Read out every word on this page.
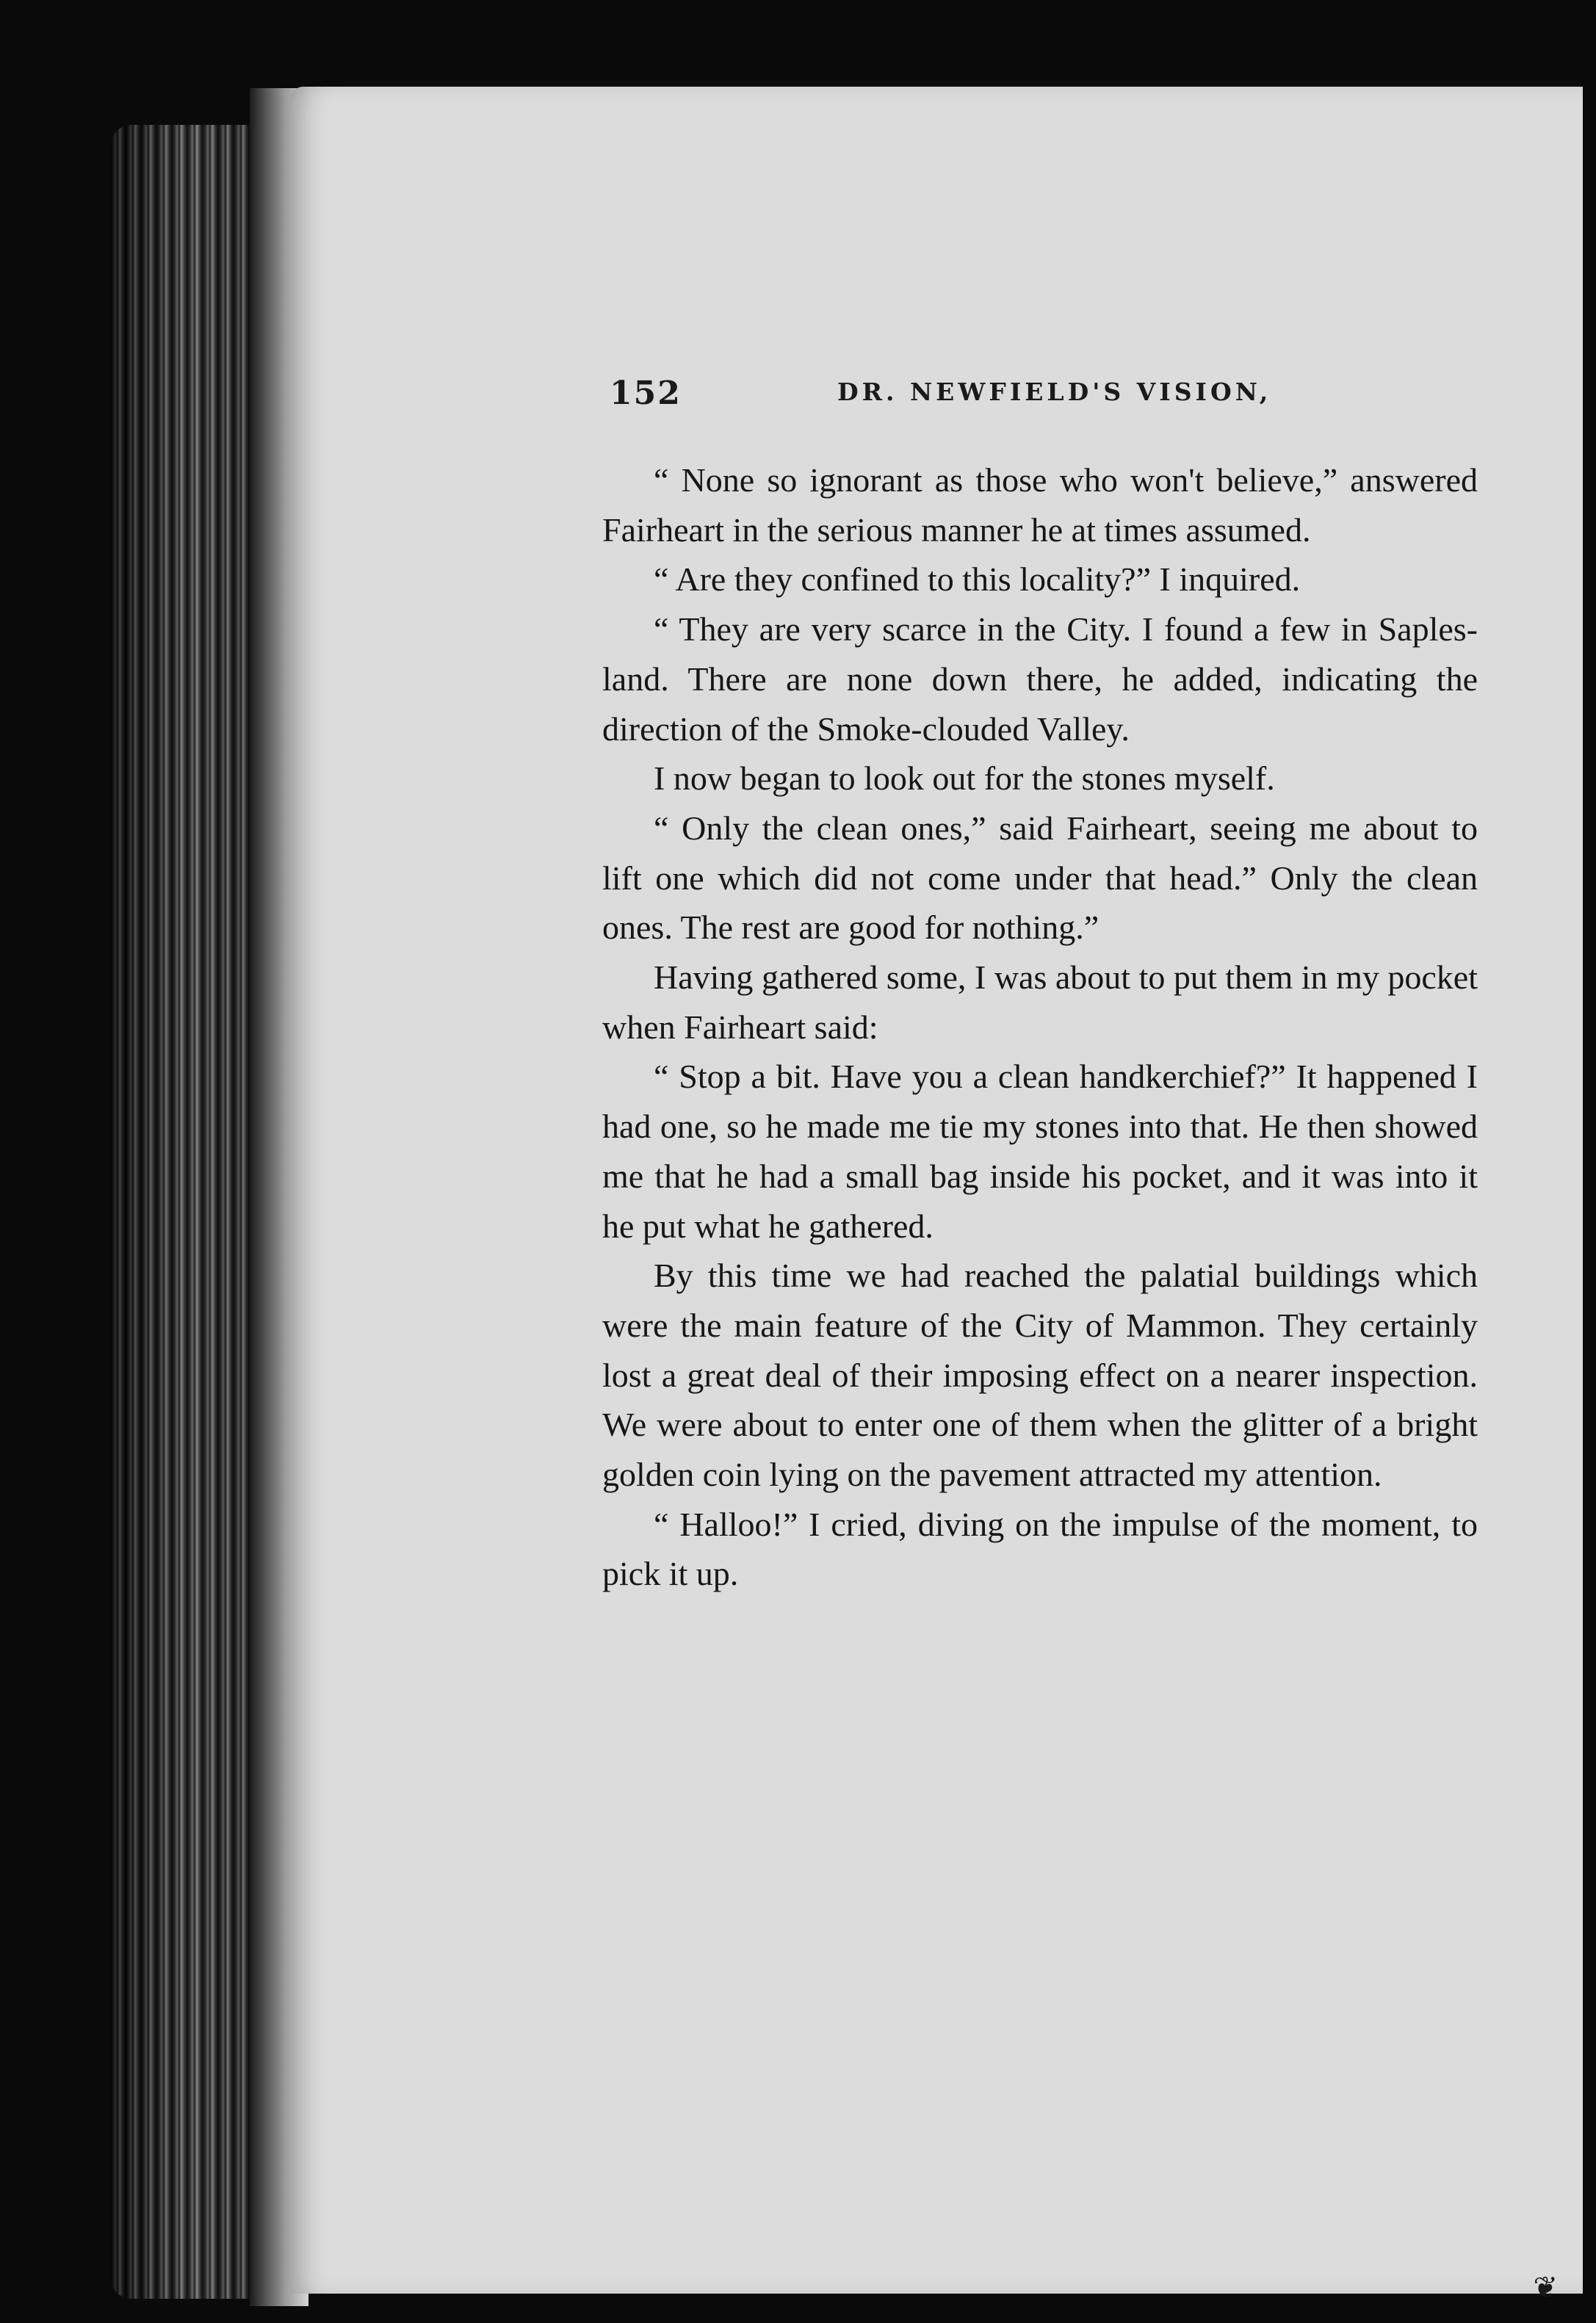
152	DR. NEWFIELD'S VISION,

“ None so ignorant as those who won't believe,” answered Fairheart in the serious manner he at times assumed.

“ Are they confined to this locality?” I inquired.

“ They are very scarce in the City. I found a few in Saples-land. There are none down there, he added, indicating the direction of the Smoke-clouded Valley.

I now began to look out for the stones myself.

“ Only the clean ones,” said Fairheart, seeing me about to lift one which did not come under that head.” Only the clean ones. The rest are good for nothing.”

Having gathered some, I was about to put them in my pocket when Fairheart said:

“ Stop a bit. Have you a clean handkerchief?” It happened I had one, so he made me tie my stones into that. He then showed me that he had a small bag inside his pocket, and it was into it he put what he gathered.

By this time we had reached the palatial buildings which were the main feature of the City of Mammon. They certainly lost a great deal of their imposing effect on a nearer inspection. We were about to enter one of them when the glitter of a bright golden coin lying on the pavement attracted my attention.

“ Halloo!” I cried, diving on the impulse of the moment, to pick it up.

❦
